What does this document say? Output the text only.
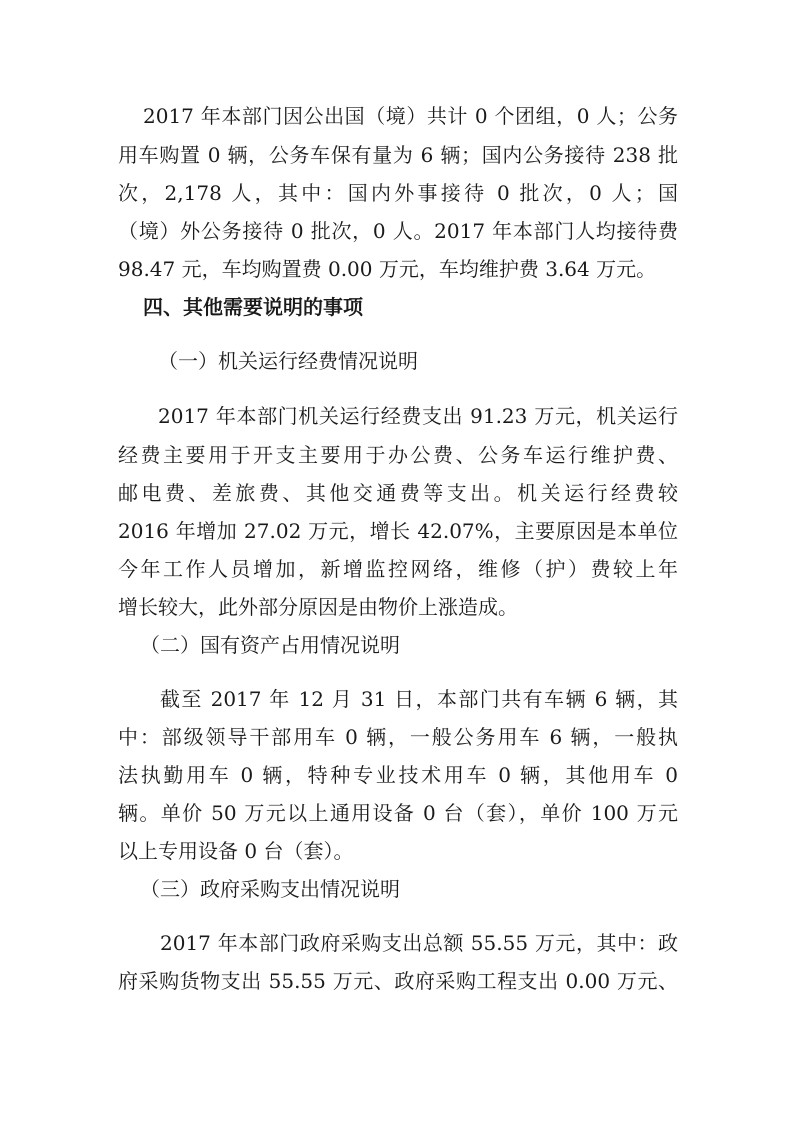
2017 年本部门因公出国（境）共计 0 个团组，0 人；公务
用车购置 0 辆，公务车保有量为 6 辆；国内公务接待 238 批
次，2,178 人，其中：国内外事接待 0 批次，0 人；国
（境）外公务接待 0 批次，0 人。2017 年本部门人均接待费
98.47 元，车均购置费 0.00 万元，车均维护费 3.64 万元。
四、其他需要说明的事项
（一）机关运行经费情况说明
2017 年本部门机关运行经费支出 91.23 万元，机关运行
经费主要用于开支主要用于办公费、公务车运行维护费、
邮电费、差旅费、其他交通费等支出。机关运行经费较
2016 年增加 27.02 万元，增长 42.07%，主要原因是本单位
今年工作人员增加，新增监控网络，维修（护）费较上年
增长较大，此外部分原因是由物价上涨造成。
（二）国有资产占用情况说明
截至 2017 年 12 月 31 日，本部门共有车辆 6 辆，其
中：部级领导干部用车 0 辆，一般公务用车 6 辆，一般执
法执勤用车 0 辆，特种专业技术用车 0 辆，其他用车 0
辆。单价 50 万元以上通用设备 0 台（套），单价 100 万元
以上专用设备 0 台（套）。
（三）政府采购支出情况说明
2017 年本部门政府采购支出总额 55.55 万元，其中：政
府采购货物支出 55.55 万元、政府采购工程支出 0.00 万元、
